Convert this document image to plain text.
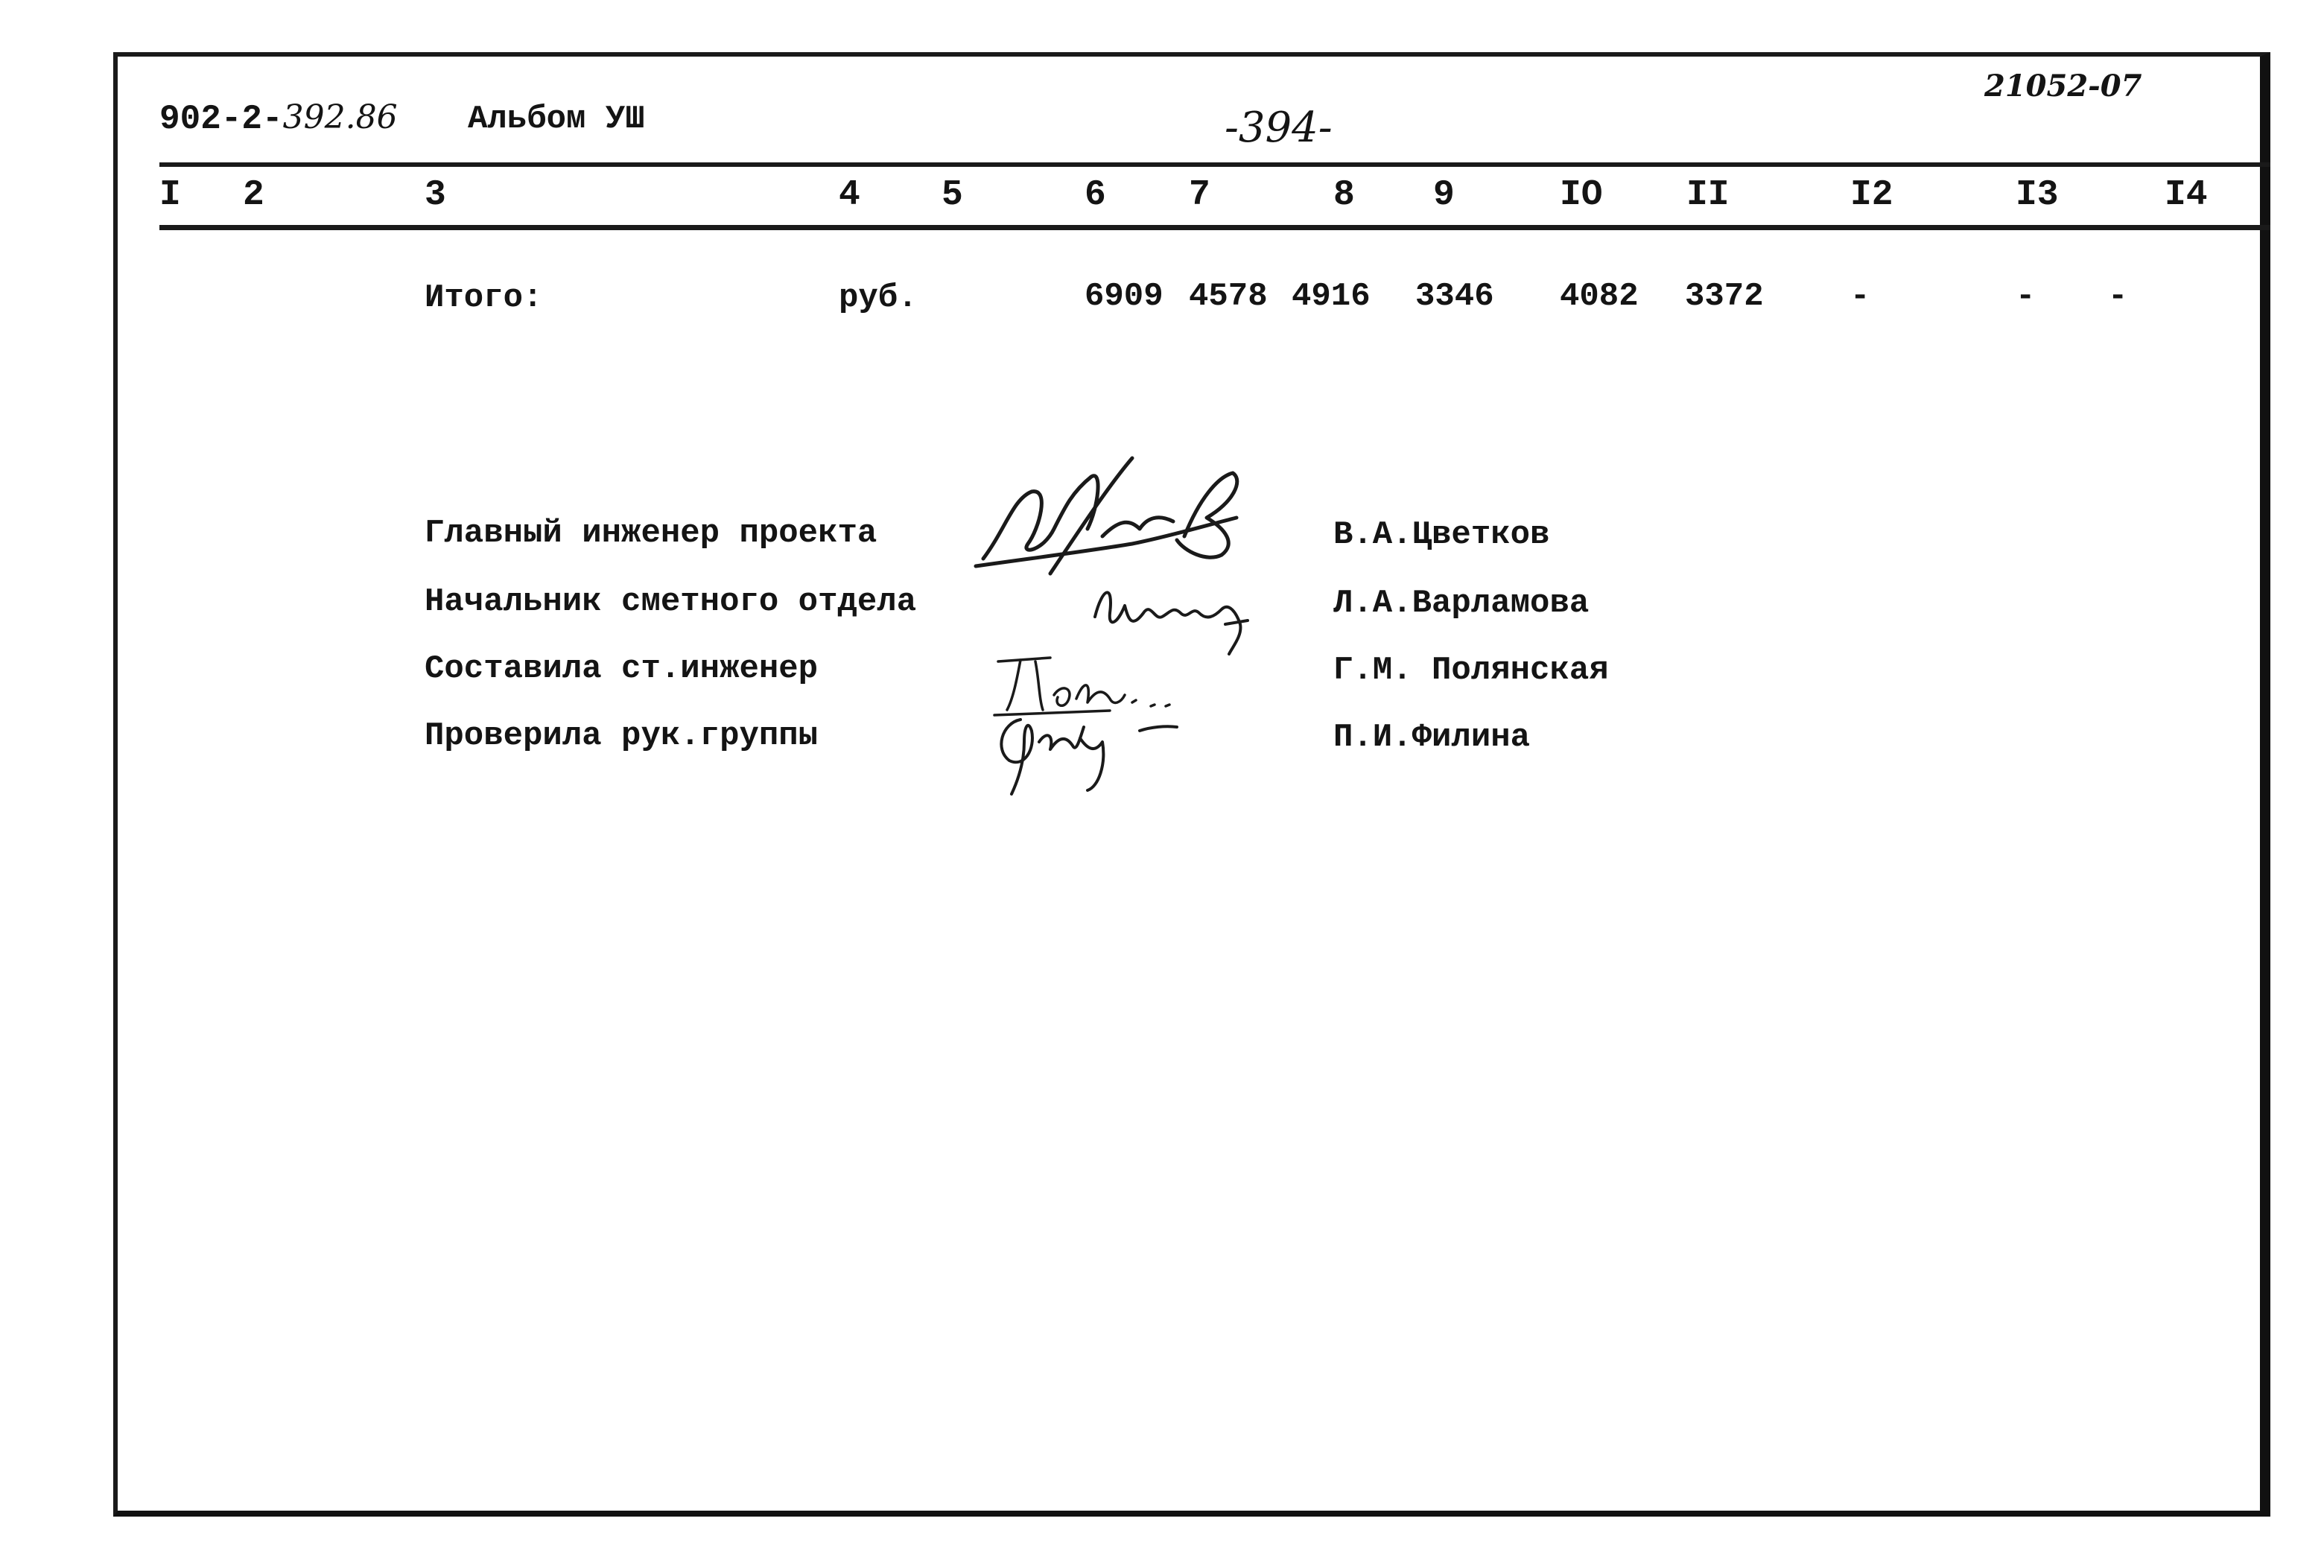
902-2-392.86 Альбом УШ	-394-
21052-07
I 2	3	4 5	6 7	8 9	IO II	I2	I3	I4
Итого:	руб.	6909 4578 4916 3346 4082 3372	-	- -
Главный инженер проекта	В.А.Цветков
Начальник сметного отдела	Л.А.Варламова
Составила ст.инженер	Г.М. Полянская
Проверила рук.группы	П.И.Филина
